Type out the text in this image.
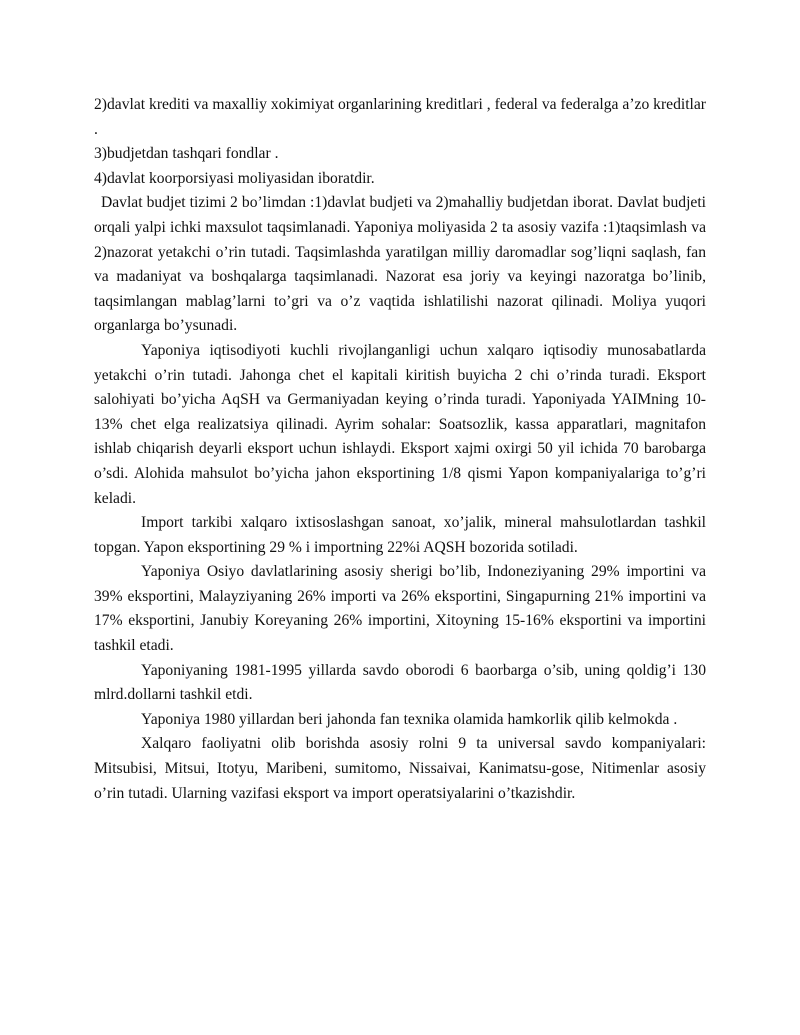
2)davlat krediti va maxalliy xokimiyat organlarining kreditlari , federal va federalga a’zo kreditlar .

3)budjetdan tashqari fondlar .

4)davlat koorporsiyasi moliyasidan iboratdir.

Davlat budjet tizimi 2 bo’limdan :1)davlat budjeti va 2)mahalliy budjetdan iborat. Davlat budjeti orqali yalpi ichki maxsulot taqsimlanadi. Yaponiya moliyasida 2 ta asosiy vazifa :1)taqsimlash va 2)nazorat yetakchi o’rin tutadi. Taqsimlashda yaratilgan milliy daromadlar sog’liqni saqlash, fan va madaniyat va boshqalarga taqsimlanadi. Nazorat esa joriy va keyingi nazoratga bo’linib, taqsimlangan mablag’larni to’gri va o’z vaqtida ishlatilishi nazorat qilinadi. Moliya yuqori organlarga bo’ysunadi.

Yaponiya iqtisodiyoti kuchli rivojlanganligi uchun xalqaro iqtisodiy munosabatlarda yetakchi o’rin tutadi. Jahonga chet el kapitali kiritish buyicha 2 chi o’rinda turadi. Eksport salohiyati bo’yicha AqSH va Germaniyadan keying o’rinda turadi. Yaponiyada YAIMning 10-13% chet elga realizatsiya qilinadi. Ayrim sohalar: Soatsozlik, kassa apparatlari, magnitafon ishlab chiqarish deyarli eksport uchun ishlaydi. Eksport xajmi oxirgi 50 yil ichida 70 barobarga o’sdi. Alohida mahsulot bo’yicha jahon eksportining 1/8 qismi Yapon kompaniyalariga to’g’ri keladi.

Import tarkibi xalqaro ixtisoslashgan sanoat, xo’jalik, mineral mahsulotlardan tashkil topgan. Yapon eksportining 29 % i importning 22%i AQSH bozorida sotiladi.

Yaponiya Osiyo davlatlarining asosiy sherigi bo’lib, Indoneziyaning 29% importini va 39% eksportini, Malayziyaning 26% importi va 26% eksportini, Singapurning 21% importini va 17% eksportini, Janubiy Koreyaning 26% importini, Xitoyning 15-16% eksportini va importini tashkil etadi.

Yaponiyaning 1981-1995 yillarda savdo oborodi 6 baorbarga o’sib, uning qoldig’i 130 mlrd.dollarni tashkil etdi.

Yaponiya 1980 yillardan beri jahonda fan texnika olamida hamkorlik qilib kelmokda .

Xalqaro faoliyatni olib borishda asosiy rolni 9 ta universal savdo kompaniyalari: Mitsubisi, Mitsui, Itotyu, Maribeni, sumitomo, Nissaivai, Kanimatsu-gose, Nitimenlar asosiy o’rin tutadi. Ularning vazifasi eksport va import operatsiyalarini o’tkazishdir.
